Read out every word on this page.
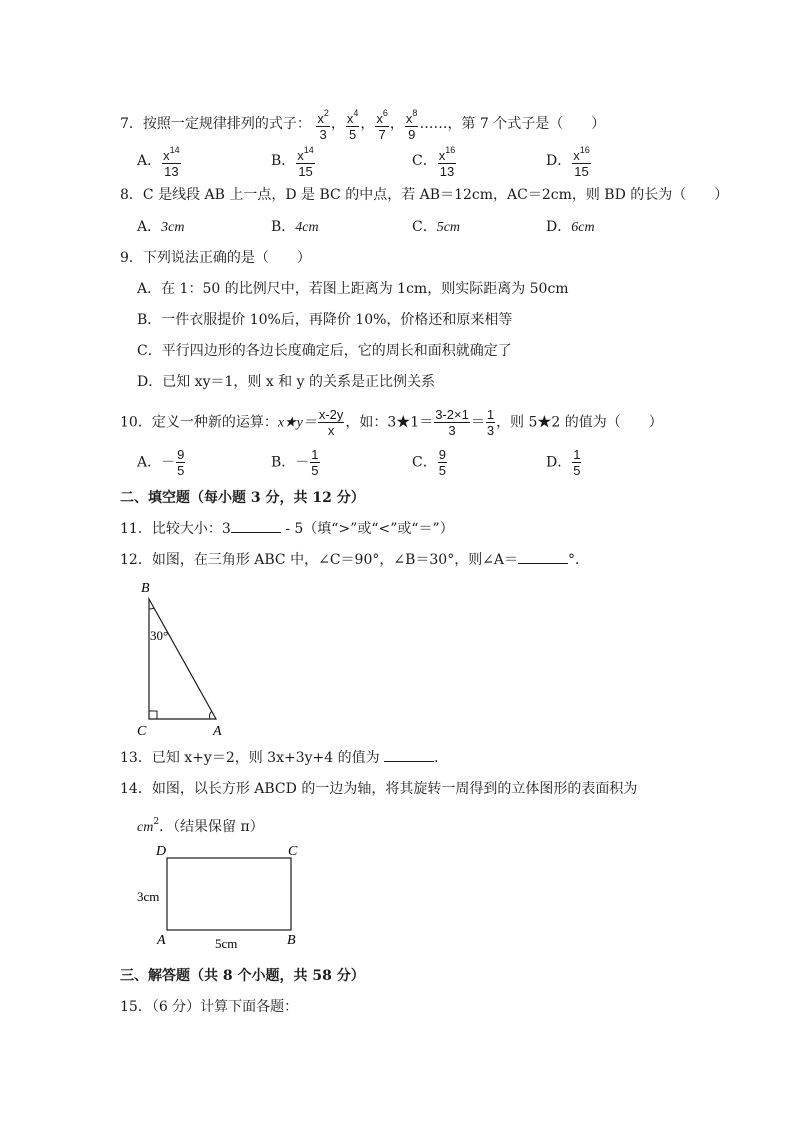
7．按照一定规律排列的式子： $\frac{x^2}{3}$ ， $\frac{x^4}{5}$ ， $\frac{x^6}{7}$ ， $\frac{x^8}{9}$ ……，第 7 个式子是（　　）
A． $\frac{x^{14}}{13}$	B． $\frac{x^{14}}{15}$	C． $\frac{x^{16}}{13}$	D． $\frac{x^{16}}{15}$
8．C 是线段 AB 上一点，D 是 BC 的中点，若 AB＝12cm，AC＝2cm，则 BD 的长为（　　）
A．3cm	B．4cm	C．5cm	D．6cm
9．下列说法正确的是（　　）
A．在 1：50 的比例尺中，若图上距离为 1cm，则实际距离为 50cm
B．一件衣服提价 10%后，再降价 10%，价格还和原来相等
C．平行四边形的各边长度确定后，它的周长和面积就确定了
D．已知 xy＝1，则 x 和 y 的关系是正比例关系
10．定义一种新的运算：x★y＝ $\frac{x-2y}{x}$ ，如：3★1＝ $\frac{3-2\times 1}{3} = \frac{1}{3}$ ，则 5★2 的值为（　　）
A．－ $\frac{9}{5}$	B．－ $\frac{1}{5}$	C． $\frac{9}{5}$	D． $\frac{1}{5}$
二、填空题（每小题 3 分，共 12 分）
11．比较大小：3	- 5（填“>”或“<”或“＝”）
12．如图，在三角形 ABC 中，∠C＝90°，∠B＝30°，则∠A＝	°．
B
30°
C	A
13．已知 x+y＝2，则 3x+3y+4 的值为	．
14．如图，以长方形 ABCD 的一边为轴，将其旋转一周得到的立体图形的表面积为
$cm^2$．（结果保留 π）
D	C
3cm
A	5cm	B
三、解答题（共 8 个小题，共 58 分）
15．（6 分）计算下面各题：
